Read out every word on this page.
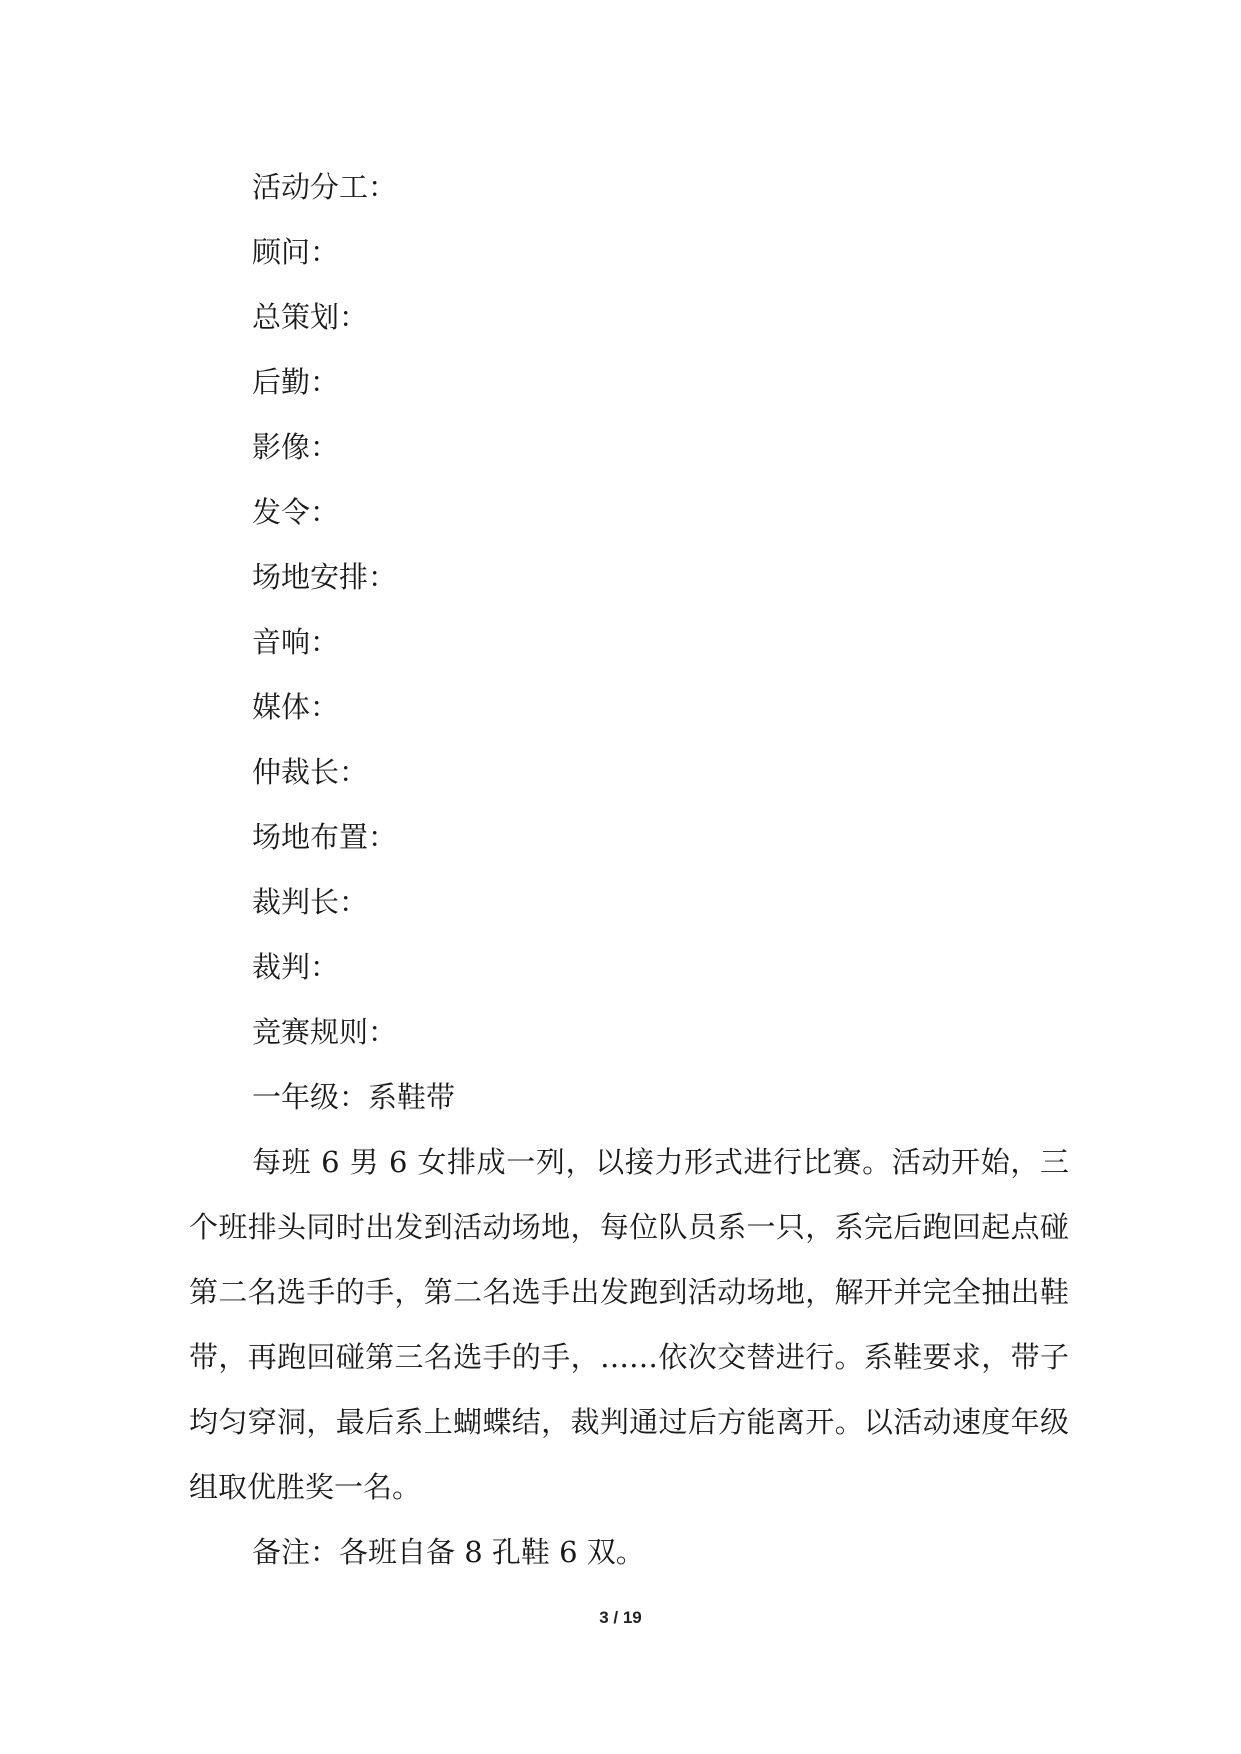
活动分工：
顾问：
总策划：
后勤：
影像：
发令：
场地安排：
音响：
媒体：
仲裁长：
场地布置：
裁判长：
裁判：
竞赛规则：
一年级：系鞋带

每班 6 男 6 女排成一列，以接力形式进行比赛。活动开始，三个班排头同时出发到活动场地，每位队员系一只，系完后跑回起点碰第二名选手的手，第二名选手出发跑到活动场地，解开并完全抽出鞋带，再跑回碰第三名选手的手，……依次交替进行。系鞋要求，带子均匀穿洞，最后系上蝴蝶结，裁判通过后方能离开。以活动速度年级组取优胜奖一名。

备注：各班自备 8 孔鞋 6 双。
3 / 19
